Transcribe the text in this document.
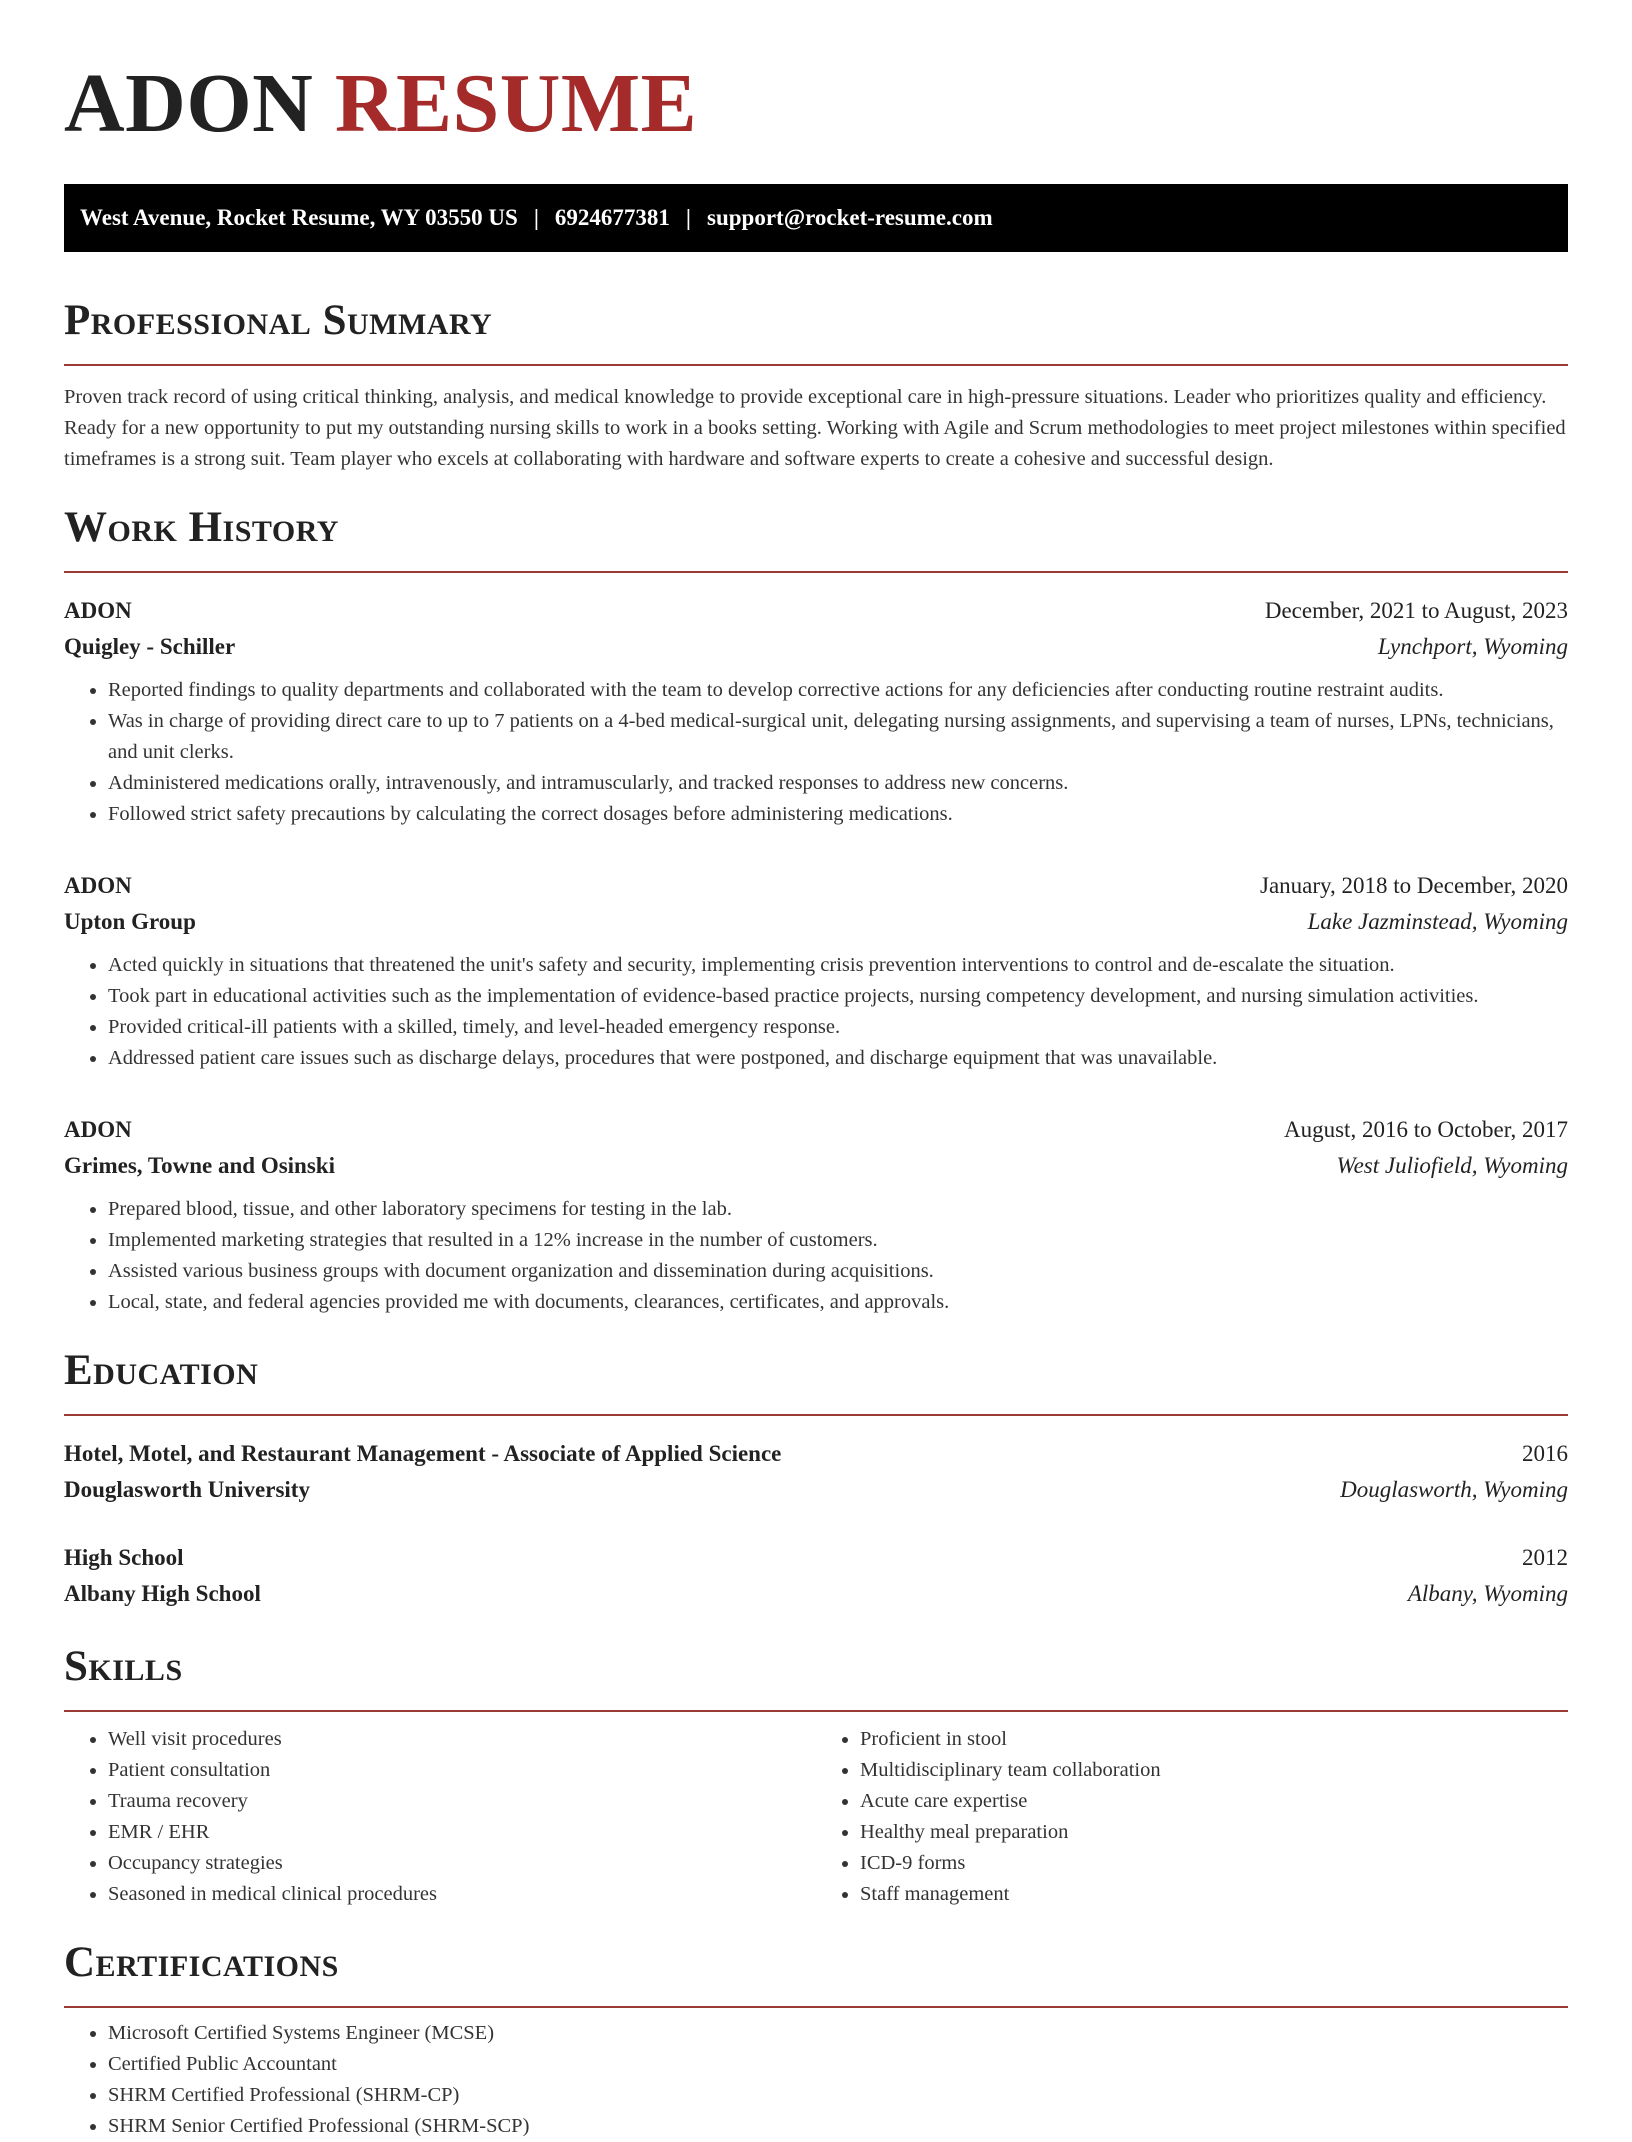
ADON RESUME
West Avenue, Rocket Resume, WY 03550 US | 6924677381 | support@rocket-resume.com
Professional Summary

Proven track record of using critical thinking, analysis, and medical knowledge to provide exceptional care in high-pressure situations. Leader who prioritizes quality and efficiency. Ready for a new opportunity to put my outstanding nursing skills to work in a books setting. Working with Agile and Scrum methodologies to meet project milestones within specified timeframes is a strong suit. Team player who excels at collaborating with hardware and software experts to create a cohesive and successful design.

Work History
ADON	December, 2021 to August, 2023
Quigley - Schiller	Lynchport, Wyoming
• Reported findings to quality departments and collaborated with the team to develop corrective actions for any deficiencies after conducting routine restraint audits.
• Was in charge of providing direct care to up to 7 patients on a 4-bed medical-surgical unit, delegating nursing assignments, and supervising a team of nurses, LPNs, technicians, and unit clerks.
• Administered medications orally, intravenously, and intramuscularly, and tracked responses to address new concerns.
• Followed strict safety precautions by calculating the correct dosages before administering medications.
ADON	January, 2018 to December, 2020
Upton Group	Lake Jazminstead, Wyoming
• Acted quickly in situations that threatened the unit's safety and security, implementing crisis prevention interventions to control and de-escalate the situation.
• Took part in educational activities such as the implementation of evidence-based practice projects, nursing competency development, and nursing simulation activities.
• Provided critical-ill patients with a skilled, timely, and level-headed emergency response.
• Addressed patient care issues such as discharge delays, procedures that were postponed, and discharge equipment that was unavailable.
ADON	August, 2016 to October, 2017
Grimes, Towne and Osinski	West Juliofield, Wyoming
• Prepared blood, tissue, and other laboratory specimens for testing in the lab.
• Implemented marketing strategies that resulted in a 12% increase in the number of customers.
• Assisted various business groups with document organization and dissemination during acquisitions.
• Local, state, and federal agencies provided me with documents, clearances, certificates, and approvals.
Education
Hotel, Motel, and Restaurant Management - Associate of Applied Science	2016
Douglasworth University	Douglasworth, Wyoming
High School	2012
Albany High School	Albany, Wyoming
Skills
• Well visit procedures
• Patient consultation
• Trauma recovery
• EMR / EHR
• Occupancy strategies
• Seasoned in medical clinical procedures
• Proficient in stool
• Multidisciplinary team collaboration
• Acute care expertise
• Healthy meal preparation
• ICD-9 forms
• Staff management
Certifications
• Microsoft Certified Systems Engineer (MCSE)
• Certified Public Accountant
• SHRM Certified Professional (SHRM-CP)
• SHRM Senior Certified Professional (SHRM-SCP)
